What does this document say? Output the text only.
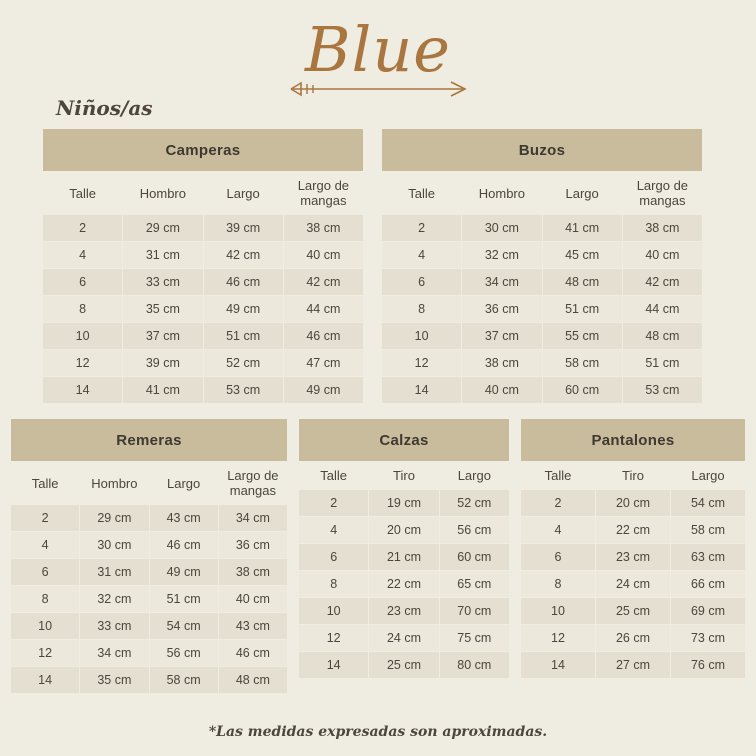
Blue
Niños/as
Camperas			
Talle	Hombro	Largo	Largo de mangas
2	29 cm	39 cm	38 cm
4	31 cm	42 cm	40 cm
6	33 cm	46 cm	42 cm
8	35 cm	49 cm	44 cm
10	37 cm	51 cm	46 cm
12	39 cm	52 cm	47 cm
14	41 cm	53 cm	49 cm
Buzos			
Talle	Hombro	Largo	Largo de mangas
2	30 cm	41 cm	38 cm
4	32 cm	45 cm	40 cm
6	34 cm	48 cm	42 cm
8	36 cm	51 cm	44 cm
10	37 cm	55 cm	48 cm
12	38 cm	58 cm	51 cm
14	40 cm	60 cm	53 cm
Remeras			
Talle	Hombro	Largo	Largo de mangas
2	29 cm	43 cm	34 cm
4	30 cm	46 cm	36 cm
6	31 cm	49 cm	38 cm
8	32 cm	51 cm	40 cm
10	33 cm	54 cm	43 cm
12	34 cm	56 cm	46 cm
14	35 cm	58 cm	48 cm
Calzas		
Talle	Tiro	Largo
2	19 cm	52 cm
4	20 cm	56 cm
6	21 cm	60 cm
8	22 cm	65 cm
10	23 cm	70 cm
12	24 cm	75 cm
14	25 cm	80 cm
Pantalones		
Talle	Tiro	Largo
2	20 cm	54 cm
4	22 cm	58 cm
6	23 cm	63 cm
8	24 cm	66 cm
10	25 cm	69 cm
12	26 cm	73 cm
14	27 cm	76 cm
*Las medidas expresadas son aproximadas.
